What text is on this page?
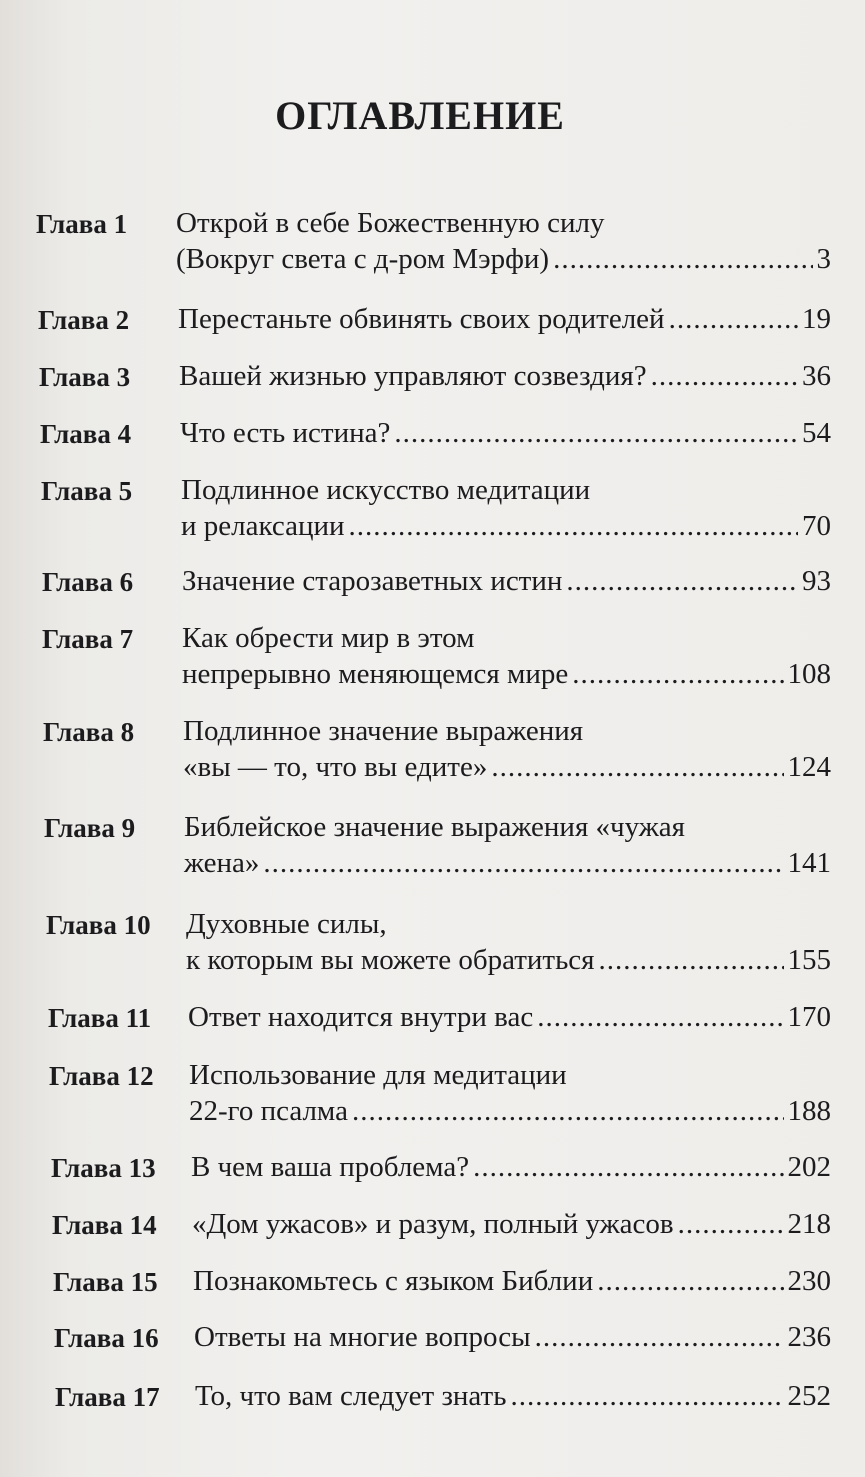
ОГЛАВЛЕНИЕ
Глава 1 Открой в себе Божественную силу
(Вокруг света с д-ром Мэрфи) .....	3
Глава 2 Перестаньте обвинять своих родителей .....	19
Глава 3 Вашей жизнью управляют созвездия? .....	36
Глава 4 Что есть истина? .....	54
Глава 5 Подлинное искусство медитации
и релаксации .....	70
Глава 6 Значение старозаветных истин .....	93
Глава 7 Как обрести мир в этом
непрерывно меняющемся мире .....	108
Глава 8 Подлинное значение выражения
«вы — то, что вы едите» .....	124
Глава 9 Библейское значение выражения «чужая
жена» .....	141
Глава 10 Духовные силы,
к которым вы можете обратиться .....	155
Глава 11 Ответ находится внутри вас .....	170
Глава 12 Использование для медитации
22-го псалма .....	188
Глава 13 В чем ваша проблема? .....	202
Глава 14 «Дом ужасов» и разум, полный ужасов .....	218
Глава 15 Познакомьтесь с языком Библии .....	230
Глава 16 Ответы на многие вопросы .....	236
Глава 17 То, что вам следует знать .....	252
